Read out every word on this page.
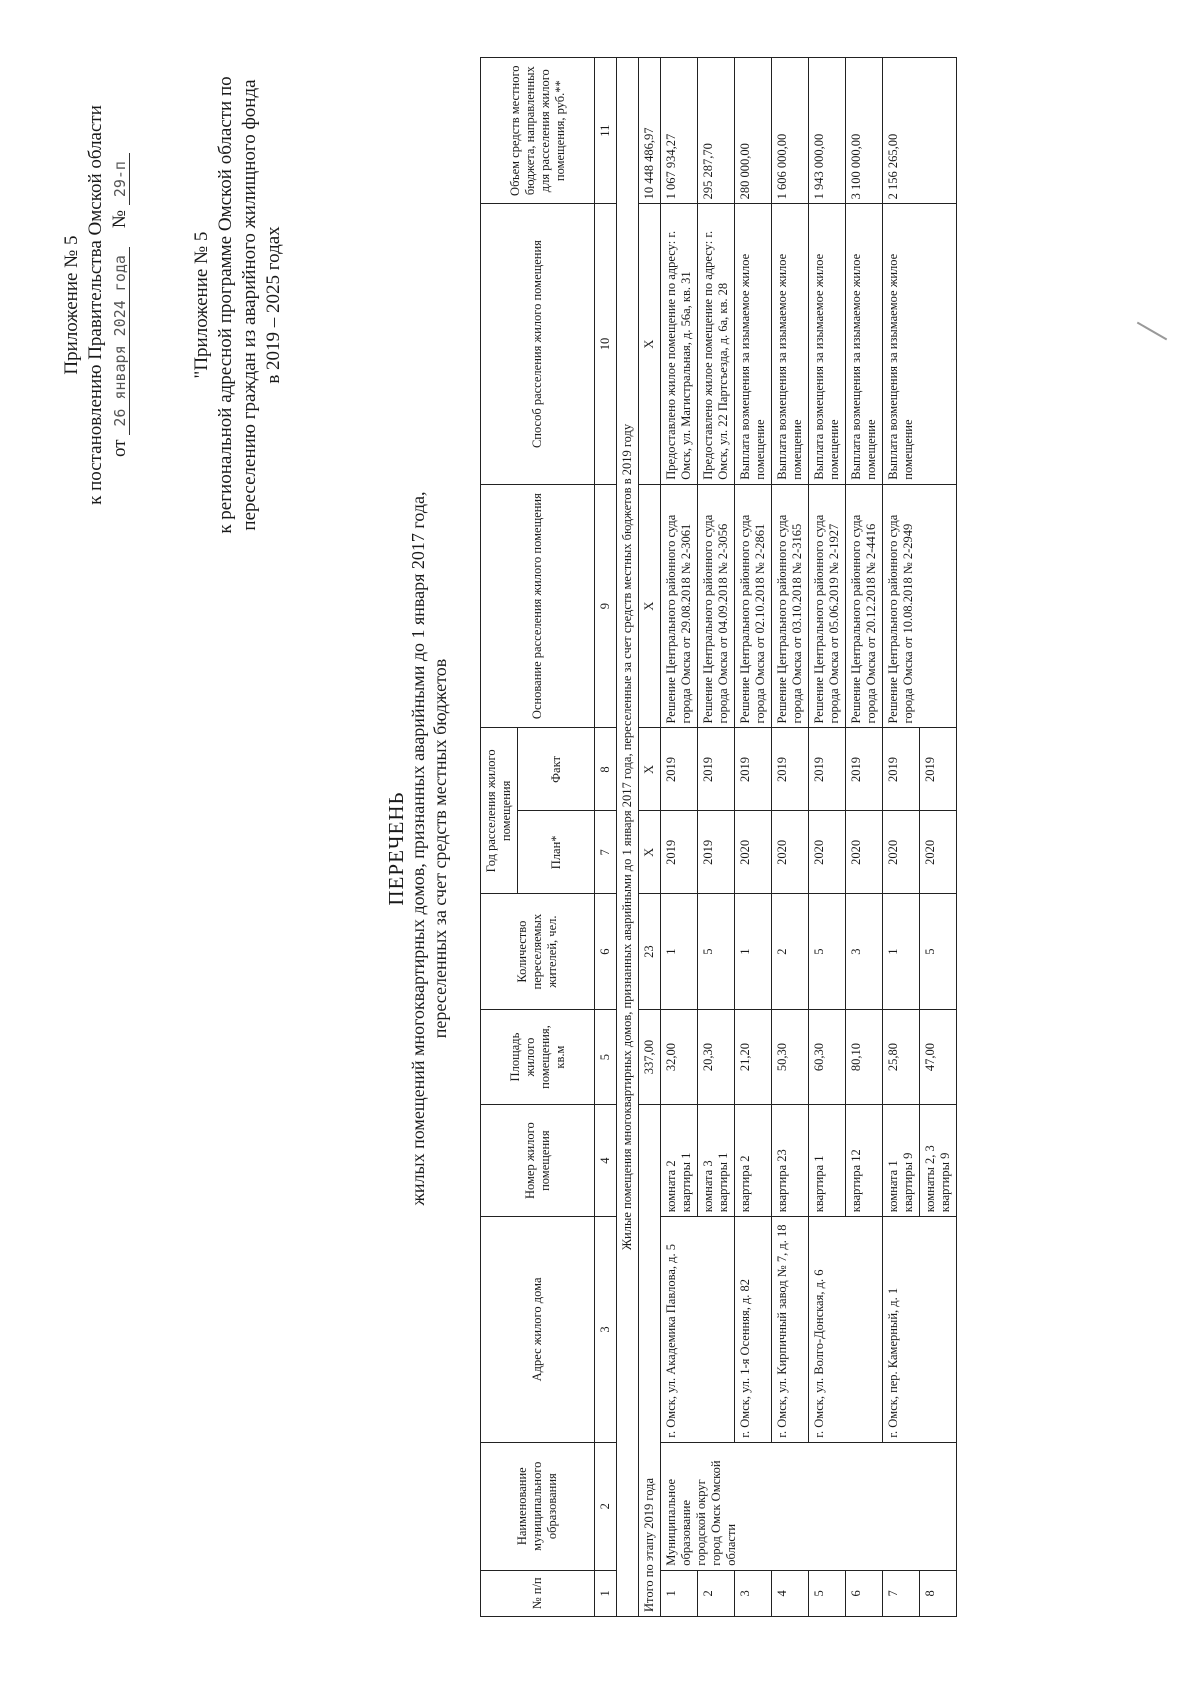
Приложение № 5 к постановлению Правительства Омской области от 26 января 2024 года    № 29-п
"Приложение № 5 к региональной адресной программе Омской области по переселению граждан из аварийного жилищного фонда в 2019 – 2025 годах
ПЕРЕЧЕНЬ жилых помещений многоквартирных домов, признанных аварийными до 1 января 2017 года, переселенных за счет средств местных бюджетов
№ п/п	Наименование муниципального образования	Адрес жилого дома	Номер жилого помещения	Площадь жилого помещения, кв.м	Количество переселяемых жителей, чел.	Год расселения жилого помещения		Основание расселения жилого помещения	Способ расселения жилого помещения	Объем средств местного бюджета, направленных для расселения жилого помещения, руб.**
						План*	Факт			
1	2	3	4	5	6	7	8	9	10	11
Жилые помещения многоквартирных домов, признанных аварийными до 1 января 2017 года, переселенные за счет средств местных бюджетов в 2019 году										
Итого по этапу 2019 года				337,00	23	Х	Х	Х	Х	10 448 486,97
1	Муниципальное образование городской округ город Омск Омской области	г. Омск, ул. Академика Павлова, д. 5	комната 2 квартиры 1	32,00	1	2019	2019	Решение Центрального районного суда города Омска от 29.08.2018 № 2-3061	Предоставлено жилое помещение по адресу: г. Омск, ул. Магистральная, д. 56а, кв. 31	1 067 934,27
2			комната 3 квартиры 1	20,30	5	2019	2019	Решение Центрального районного суда города Омска от 04.09.2018 № 2-3056	Предоставлено жилое помещение по адресу: г. Омск, ул. 22 Партсъезда, д. 6а, кв. 28	295 287,70
3		г. Омск, ул. 1-я Осенняя, д. 82	квартира 2	21,20	1	2020	2019	Решение Центрального районного суда города Омска от 02.10.2018 № 2-2861	Выплата возмещения за изымаемое жилое помещение	280 000,00
4		г. Омск, ул. Кирпичный завод № 7, д. 18	квартира 23	50,30	2	2020	2019	Решение Центрального районного суда города Омска от 03.10.2018 № 2-3165	Выплата возмещения за изымаемое жилое помещение	1 606 000,00
5		г. Омск, ул. Волго-Донская, д. 6	квартира 1	60,30	5	2020	2019	Решение Центрального районного суда города Омска от 05.06.2019 № 2-1927	Выплата возмещения за изымаемое жилое помещение	1 943 000,00
6			квартира 12	80,10	3	2020	2019	Решение Центрального районного суда города Омска от 20.12.2018 № 2-4416	Выплата возмещения за изымаемое жилое помещение	3 100 000,00
7		г. Омск, пер. Камерный, д. 1	комната 1 квартиры 9	25,80	1	2020	2019	Решение Центрального районного суда города Омска от 10.08.2018 № 2-2949	Выплата возмещения за изымаемое жилое помещение	2 156 265,00
8			комнаты 2, 3 квартиры 9	47,00	5	2020	2019			
